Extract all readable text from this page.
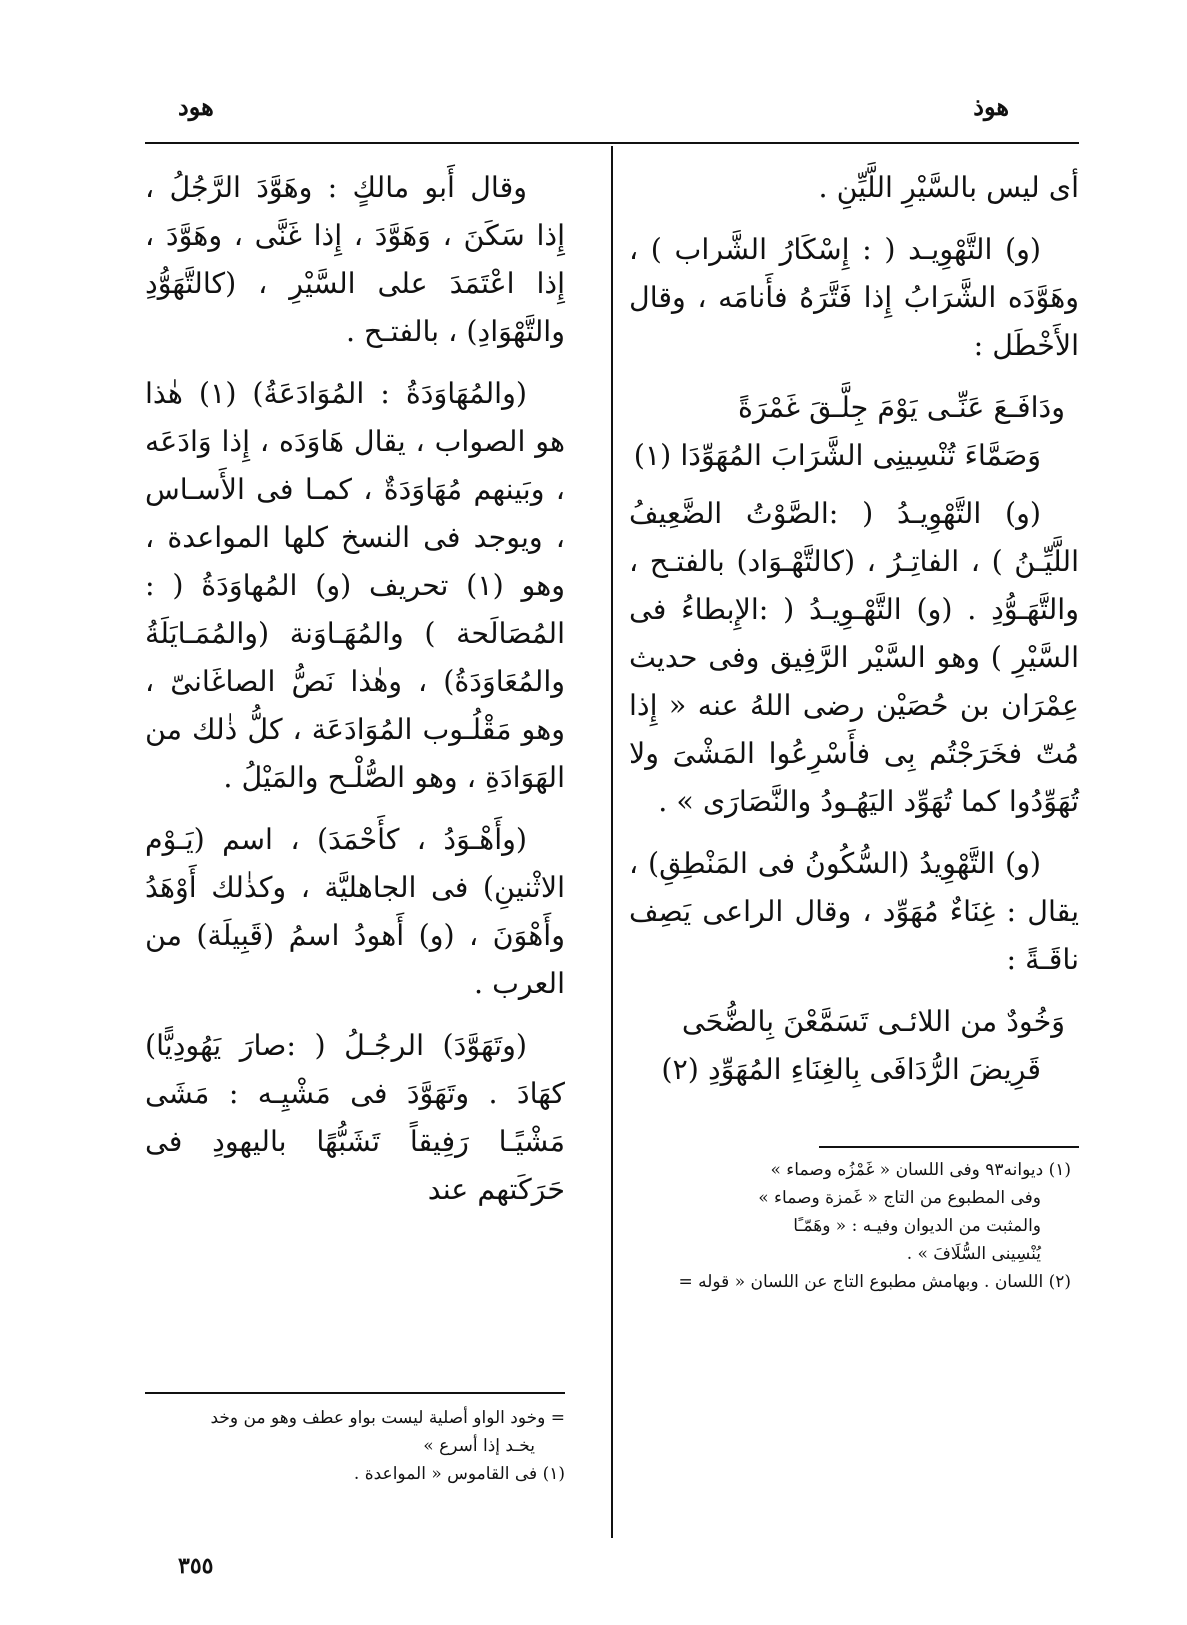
هوذ
هود

أى ليس بالسَّيْرِ اللَّيِّنِ .

(و) التَّهْوِيـد ( : إِسْكَارُ الشَّراب ) ، وهَوَّدَه الشَّرَابُ إِذا فَتَّرَهُ فأَنامَه ، وقال الأَخْطَل :

ودَافَـعَ عَنِّـى يَوْمَ جِلَّـقَ غَمْرَةً
وَصَمَّاءَ تُنْسِينِى الشَّرَابَ المُهَوِّدَا (١)

(و) التَّهْوِيـدُ ( :الصَّوْتُ الضَّعِيفُ اللَّيِّـنُ ) ، الفاتِـرُ ، (كالتَّهْـوَاد) بالفتـح ، والتَّهَـوُّدِ . (و) التَّهْـوِيـدُ ( :الإِبطاءُ فى السَّيْرِ ) وهو السَّيْر الرَّفِيق وفى حديث عِمْرَان بن حُصَيْن رضى اللهُ عنه « إِذا مُتّ فخَرَجْتُم بِى فأَسْرِعُوا المَشْىَ ولا تُهَوِّدُوا كما تُهَوِّد اليَهُـودُ والنَّصَارَى » .

(و) التَّهْوِيدُ (السُّكُونُ فى المَنْطِقِ) ، يقال : غِنَاءٌ مُهَوِّد ، وقال الراعى يَصِف ناقَـةً :

وَخُودٌ من اللائـى تَسَمَّعْنَ بِالضُّحَى
قَرِيضَ الرُّدَافَى بِالغِنَاءِ المُهَوِّدِ (٢)

وقال أَبو مالكٍ : وهَوَّدَ الرَّجُلُ ، إِذا سَكَنَ ، وَهَوَّدَ ، إِذا غَنَّى ، وهَوَّدَ ، إِذا اعْتَمَدَ على السَّيْرِ ، (كالتَّهَوُّدِ والتَّهْوَادِ) ، بالفتـح .

(والمُهَاوَدَةُ : المُوَادَعَةُ) (١) هٰذا هو الصواب ، يقال هَاوَدَه ، إِذا وَادَعَه ، وبَينهم مُهَاوَدَةٌ ، كمـا فى الأَسـاس ، ويوجد فى النسخ كلها المواعدة ، وهو (١) تحريف (و) المُهاوَدَةُ ( : المُصَالَحة ) والمُهَـاوَنة (والمُمَـايَلَةُ والمُعَاوَدَةُ) ، وهٰذا نَصُّ الصاغَانىّ ، وهو مَقْلُـوب المُوَادَعَة ، كلُّ ذٰلك من الهَوَادَةِ ، وهو الصُّلْـح والمَيْلُ .

(وأَهْـوَدُ ، كأَحْمَدَ) ، اسم (يَـوْم الاثْنينِ) فى الجاهليَّة ، وكذٰلك أَوْهَدُ وأَهْوَنَ ، (و) أَهودُ اسمُ (قَبِيلَة) من العرب .

(وتَهَوَّدَ) الرجُـلُ ( :صارَ يَهُودِيًّا) كهَادَ . وتَهَوَّدَ فى مَشْيِـه : مَشَى مَشْيًـا رَفِيقاً تَشَبُّهًا باليهودِ فى حَرَكَتهم عند

(١) ديوانه٩٣ وفى اللسان « غَمْزُه وصماء »
وفى المطبوع من التاج « غَمزة وصماء »
والمثبت من الديوان وفيـه : « وهَمّـًا
يُنْسِينى السُّلَافَ » .
(٢) اللسان . وبهامش مطبوع التاج عن اللسان « قوله =
= وخود الواو أصلية ليست بواو عطف وهو من وخد
يخـد إذا أسرع »
(١) فى القاموس « المواعدة .
٣٥٥
